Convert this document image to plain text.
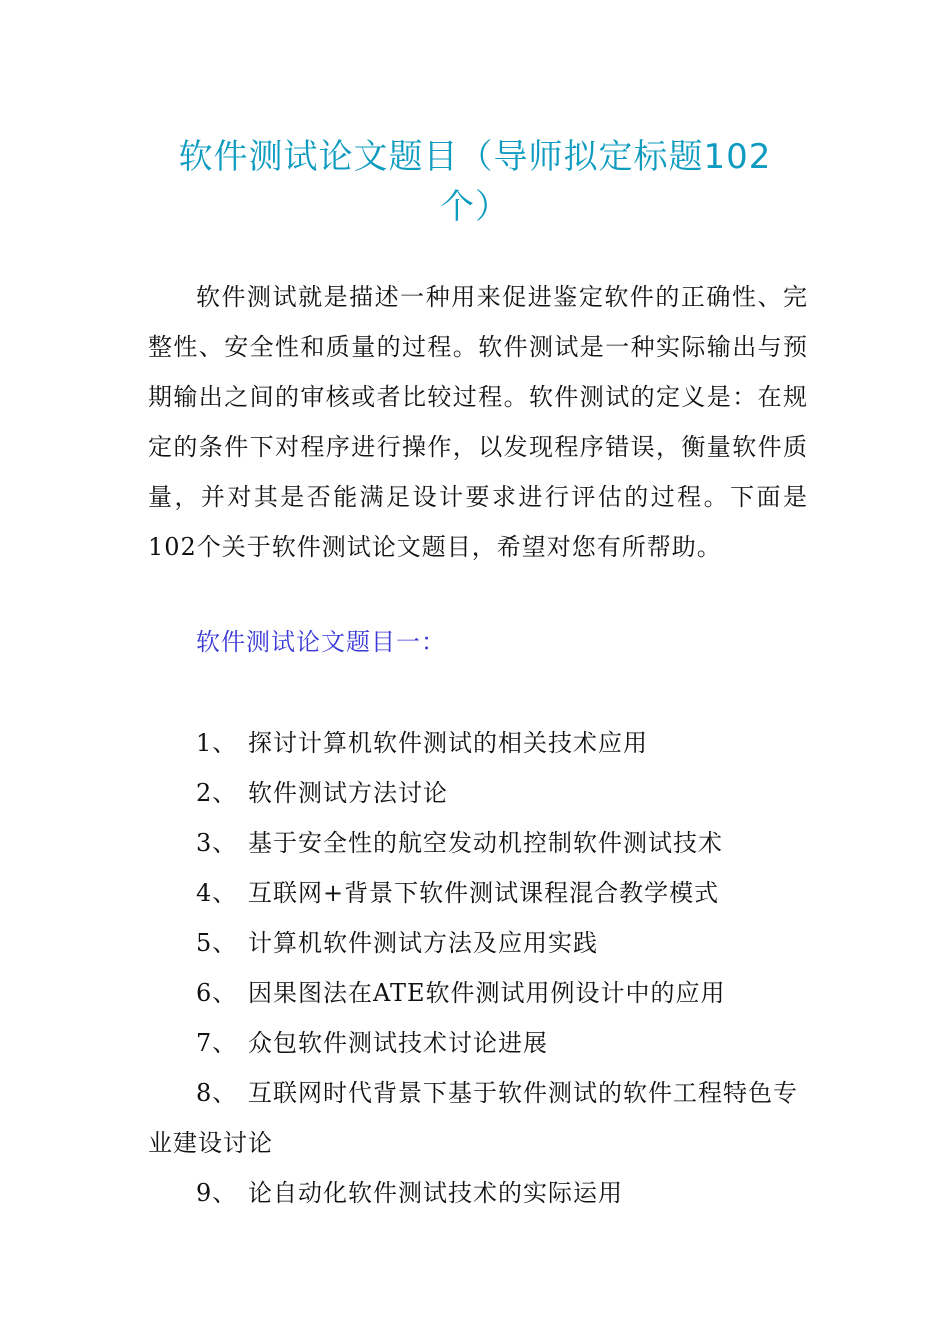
软件测试论文题目（导师拟定标题102
个）

软件测试就是描述一种用来促进鉴定软件的正确性、完整性、安全性和质量的过程。软件测试是一种实际输出与预期输出之间的审核或者比较过程。软件测试的定义是：在规定的条件下对程序进行操作，以发现程序错误，衡量软件质量，并对其是否能满足设计要求进行评估的过程。下面是102个关于软件测试论文题目，希望对您有所帮助。

软件测试论文题目一：

1、 探讨计算机软件测试的相关技术应用
2、 软件测试方法讨论
3、 基于安全性的航空发动机控制软件测试技术
4、 互联网+背景下软件测试课程混合教学模式
5、 计算机软件测试方法及应用实践
6、 因果图法在ATE软件测试用例设计中的应用
7、 众包软件测试技术讨论进展
8、 互联网时代背景下基于软件测试的软件工程特色专业建设讨论
9、 论自动化软件测试技术的实际运用
